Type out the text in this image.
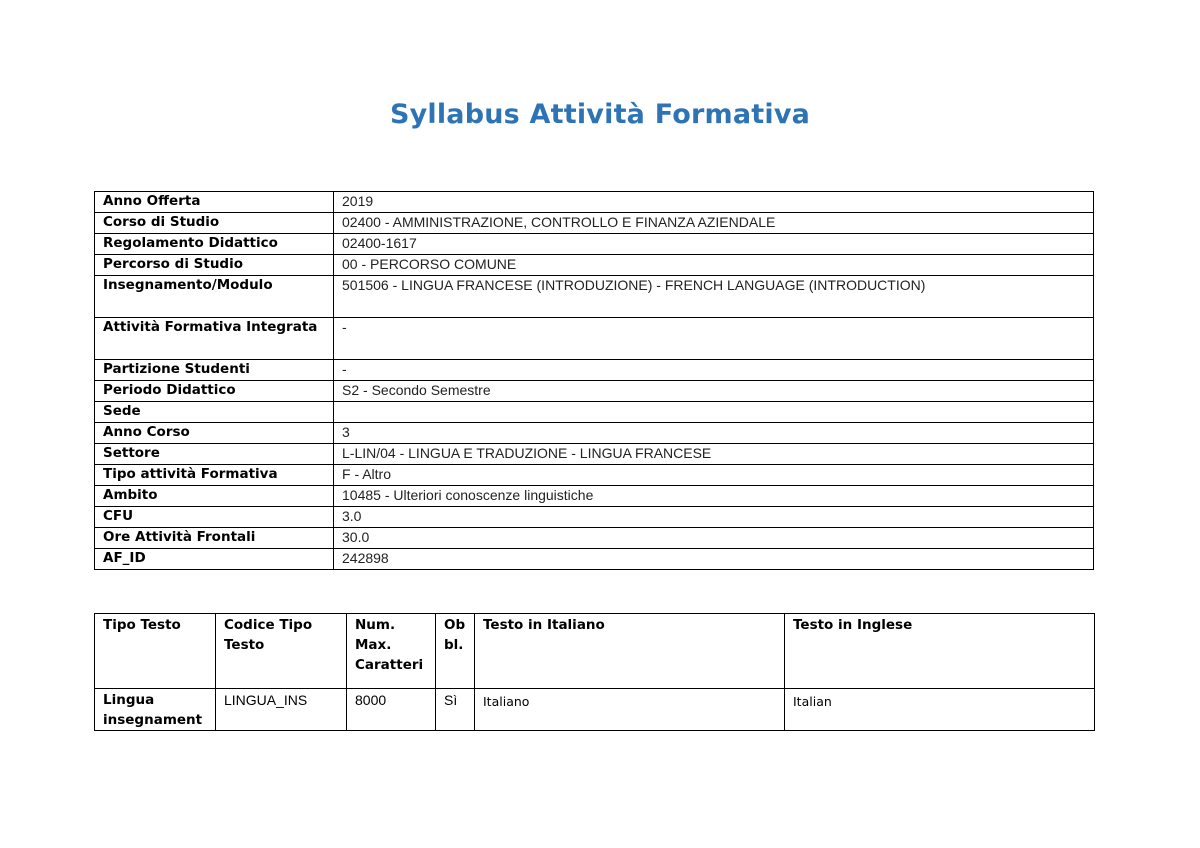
Syllabus Attività Formativa
Anno Offerta	2019
Corso di Studio	02400 - AMMINISTRAZIONE, CONTROLLO E FINANZA AZIENDALE
Regolamento Didattico	02400-1617
Percorso di Studio	00 - PERCORSO COMUNE
Insegnamento/Modulo	501506 - LINGUA FRANCESE (INTRODUZIONE) - FRENCH LANGUAGE (INTRODUCTION)
Attività Formativa Integrata	-
Partizione Studenti	-
Periodo Didattico	S2 - Secondo Semestre
Sede	
Anno Corso	3
Settore	L-LIN/04 - LINGUA E TRADUZIONE - LINGUA FRANCESE
Tipo attività Formativa	F - Altro
Ambito	10485 - Ulteriori conoscenze linguistiche
CFU	3.0
Ore Attività Frontali	30.0
AF_ID	242898
Tipo Testo	Codice Tipo Testo	Num. Max. Caratteri	Ob bl.	Testo in Italiano	Testo in Inglese
Lingua insegnament	LINGUA_INS	8000	Sì	Italiano	Italian
